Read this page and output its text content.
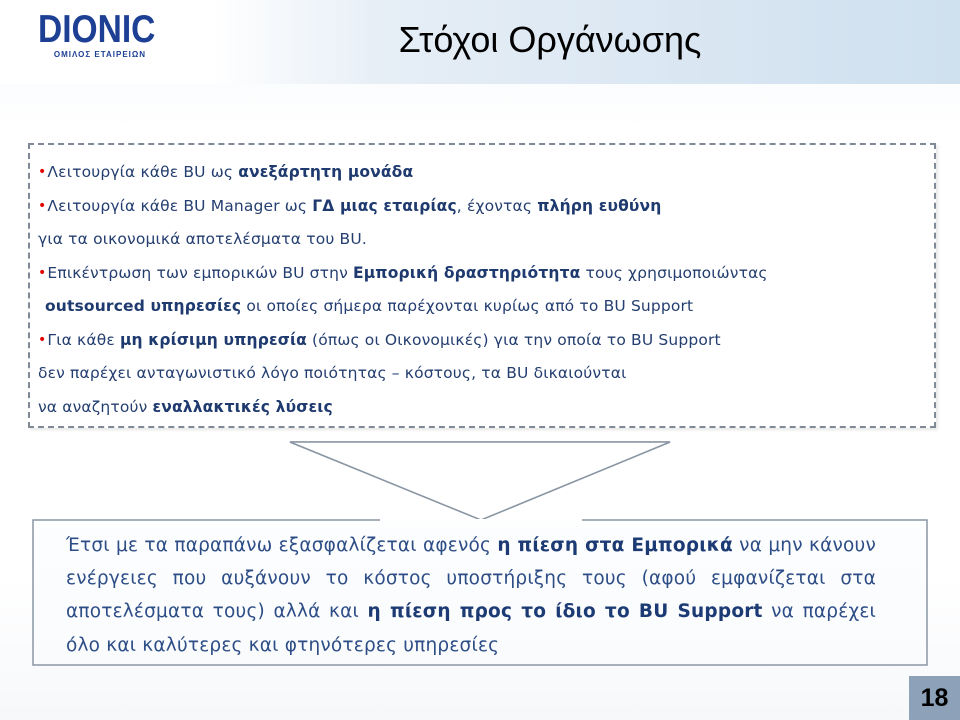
DIONIC
ΟΜΙΛΟΣ ΕΤΑΙΡΕΙΩΝ	Στόχοι Οργάνωσης

•Λειτουργία κάθε BU ως ανεξάρτητη μονάδα

•Λειτουργία κάθε BU Manager ως ΓΔ μιας εταιρίας, έχοντας πλήρη ευθύνη

για τα οικονομικά αποτελέσματα του BU.

•Επικέντρωση των εμπορικών BU στην Εμπορική δραστηριότητα τους χρησιμοποιώντας

outsourced υπηρεσίες οι οποίες σήμερα παρέχονται κυρίως από το BU Support

•Για κάθε μη κρίσιμη υπηρεσία (όπως οι Οικονομικές) για την οποία το BU Support

δεν παρέχει ανταγωνιστικό λόγο ποιότητας – κόστους, τα BU δικαιούνται

να αναζητούν εναλλακτικές λύσεις

Έτσι με τα παραπάνω εξασφαλίζεται αφενός η πίεση στα Εμπορικά να μην κάνουν ενέργειες που αυξάνουν το κόστος υποστήριξης τους (αφού εμφανίζεται στα αποτελέσματα τους) αλλά και η πίεση προς το ίδιο το BU Support να παρέχει όλο και καλύτερες και φτηνότερες υπηρεσίες
18
